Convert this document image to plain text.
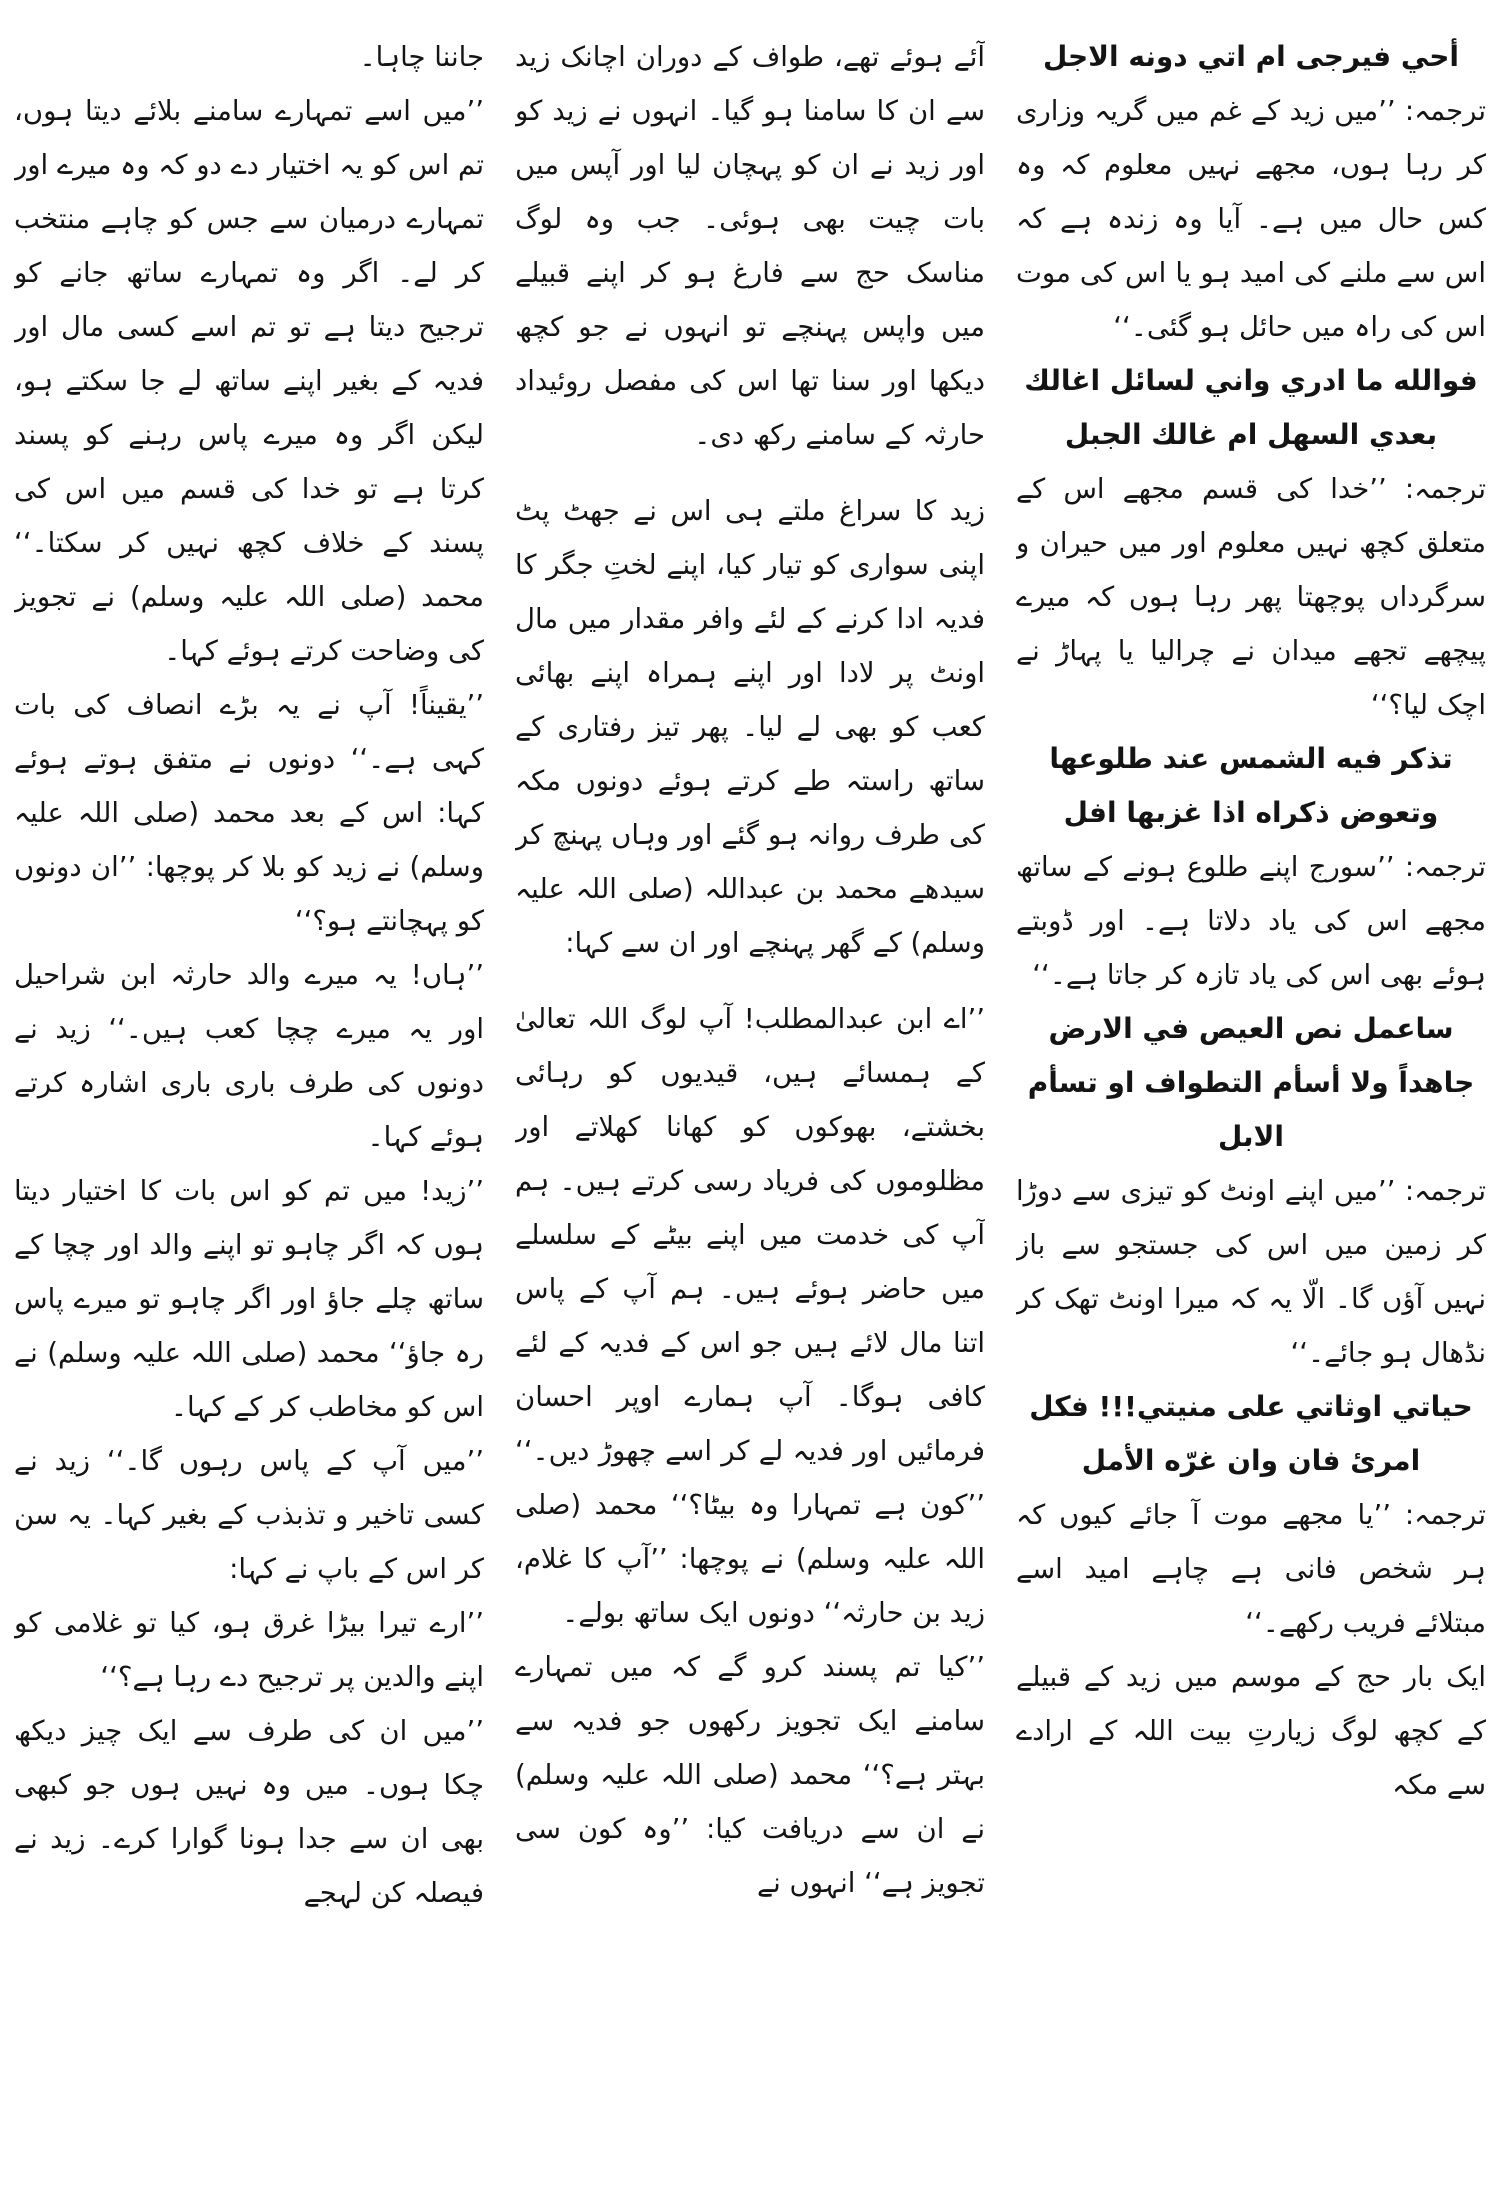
أحي فيرجى ام اتي دونه الاجل

ترجمہ: ’’میں زید کے غم میں گریہ وزاری کر رہا ہوں، مجھے نہیں معلوم کہ وہ کس حال میں ہے۔ آیا وہ زندہ ہے کہ اس سے ملنے کی امید ہو یا اس کی موت اس کی راہ میں حائل ہو گئی۔‘‘

فوالله ما ادري واني لسائل اغالك بعدي السهل ام غالك الجبل

ترجمہ: ’’خدا کی قسم مجھے اس کے متعلق کچھ نہیں معلوم اور میں حیران و سرگرداں پوچھتا پھر رہا ہوں کہ میرے پیچھے تجھے میدان نے چرالیا یا پہاڑ نے اچک لیا؟‘‘

تذكر فيه الشمس عند طلوعها وتعوض ذكراه اذا غزبها افل

ترجمہ: ’’سورج اپنے طلوع ہونے کے ساتھ مجھے اس کی یاد دلاتا ہے۔ اور ڈوبتے ہوئے بھی اس کی یاد تازہ کر جاتا ہے۔‘‘

ساعمل نص العيص في الارض جاهداً ولا أسأم التطواف او تسأم الابل

ترجمہ: ’’میں اپنے اونٹ کو تیزی سے دوڑا کر زمین میں اس کی جستجو سے باز نہیں آؤں گا۔ الّا یہ کہ میرا اونٹ تھک کر نڈھال ہو جائے۔‘‘

حياتي اوثاتي على منيتي!!! فكل امرئ فان وان غرّه الأمل

ترجمہ: ’’یا مجھے موت آ جائے کیوں کہ ہر شخص فانی ہے چاہے امید اسے مبتلائے فریب رکھے۔‘‘

ایک بار حج کے موسم میں زید کے قبیلے کے کچھ لوگ زیارتِ بیت اللہ کے ارادے سے مکہ

آئے ہوئے تھے، طواف کے دوران اچانک زید سے ان کا سامنا ہو گیا۔ انہوں نے زید کو اور زید نے ان کو پہچان لیا اور آپس میں بات چیت بھی ہوئی۔ جب وہ لوگ مناسک حج سے فارغ ہو کر اپنے قبیلے میں واپس پہنچے تو انہوں نے جو کچھ دیکھا اور سنا تھا اس کی مفصل روئیداد حارثہ کے سامنے رکھ دی۔

زید کا سراغ ملتے ہی اس نے جھٹ پٹ اپنی سواری کو تیار کیا، اپنے لختِ جگر کا فدیہ ادا کرنے کے لئے وافر مقدار میں مال اونٹ پر لادا اور اپنے ہمراہ اپنے بھائی کعب کو بھی لے لیا۔ پھر تیز رفتاری کے ساتھ راستہ طے کرتے ہوئے دونوں مکہ کی طرف روانہ ہو گئے اور وہاں پہنچ کر سیدھے محمد بن عبداللہ (صلی اللہ علیہ وسلم) کے گھر پہنچے اور ان سے کہا:

’’اے ابن عبدالمطلب! آپ لوگ اللہ تعالیٰ کے ہمسائے ہیں، قیدیوں کو رہائی بخشتے، بھوکوں کو کھانا کھلاتے اور مظلوموں کی فریاد رسی کرتے ہیں۔ ہم آپ کی خدمت میں اپنے بیٹے کے سلسلے میں حاضر ہوئے ہیں۔ ہم آپ کے پاس اتنا مال لائے ہیں جو اس کے فدیہ کے لئے کافی ہوگا۔ آپ ہمارے اوپر احسان فرمائیں اور فدیہ لے کر اسے چھوڑ دیں۔‘‘ ’’کون ہے تمہارا وہ بیٹا؟‘‘ محمد (صلی اللہ علیہ وسلم) نے پوچھا: ’’آپ کا غلام، زید بن حارثہ‘‘ دونوں ایک ساتھ بولے۔

’’کیا تم پسند کرو گے کہ میں تمہارے سامنے ایک تجویز رکھوں جو فدیہ سے بہتر ہے؟‘‘ محمد (صلی اللہ علیہ وسلم) نے ان سے دریافت کیا: ’’وہ کون سی تجویز ہے‘‘ انہوں نے

جاننا چاہا۔

’’میں اسے تمہارے سامنے بلائے دیتا ہوں، تم اس کو یہ اختیار دے دو کہ وہ میرے اور تمہارے درمیان سے جس کو چاہے منتخب کر لے۔ اگر وہ تمہارے ساتھ جانے کو ترجیح دیتا ہے تو تم اسے کسی مال اور فدیہ کے بغیر اپنے ساتھ لے جا سکتے ہو، لیکن اگر وہ میرے پاس رہنے کو پسند کرتا ہے تو خدا کی قسم میں اس کی پسند کے خلاف کچھ نہیں کر سکتا۔‘‘ محمد (صلی اللہ علیہ وسلم) نے تجویز کی وضاحت کرتے ہوئے کہا۔

’’یقیناً! آپ نے یہ بڑے انصاف کی بات کہی ہے۔‘‘ دونوں نے متفق ہوتے ہوئے کہا: اس کے بعد محمد (صلی اللہ علیہ وسلم) نے زید کو بلا کر پوچھا: ’’ان دونوں کو پہچانتے ہو؟‘‘

’’ہاں! یہ میرے والد حارثہ ابن شراحیل اور یہ میرے چچا کعب ہیں۔‘‘ زید نے دونوں کی طرف باری باری اشارہ کرتے ہوئے کہا۔

’’زید! میں تم کو اس بات کا اختیار دیتا ہوں کہ اگر چاہو تو اپنے والد اور چچا کے ساتھ چلے جاؤ اور اگر چاہو تو میرے پاس رہ جاؤ‘‘ محمد (صلی اللہ علیہ وسلم) نے اس کو مخاطب کر کے کہا۔

’’میں آپ کے پاس رہوں گا۔‘‘ زید نے کسی تاخیر و تذبذب کے بغیر کہا۔ یہ سن کر اس کے باپ نے کہا:

’’ارے تیرا بیڑا غرق ہو، کیا تو غلامی کو اپنے والدین پر ترجیح دے رہا ہے؟‘‘

’’میں ان کی طرف سے ایک چیز دیکھ چکا ہوں۔ میں وہ نہیں ہوں جو کبھی بھی ان سے جدا ہونا گوارا کرے۔ زید نے فیصلہ کن لہجے
